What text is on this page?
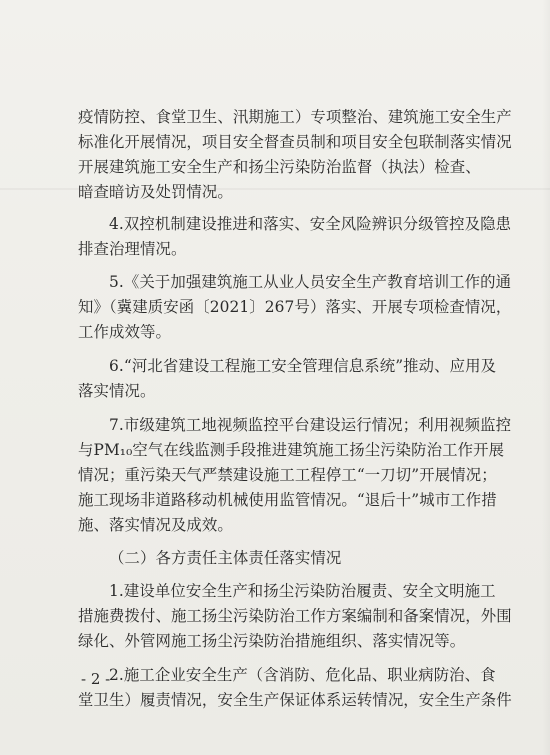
疫情防控、食堂卫生、汛期施工）专项整治、建筑施工安全生产
标准化开展情况，项目安全督查员制和项目安全包联制落实情况
开展建筑施工安全生产和扬尘污染防治监督（执法）检查、
暗查暗访及处罚情况。
4.双控机制建设推进和落实、安全风险辨识分级管控及隐患
排查治理情况。
5.《关于加强建筑施工从业人员安全生产教育培训工作的通
知》（冀建质安函〔2021〕267号）落实、开展专项检查情况，
工作成效等。
6.“河北省建设工程施工安全管理信息系统”推动、应用及
落实情况。
7.市级建筑工地视频监控平台建设运行情况；利用视频监控
与PM₁₀空气在线监测手段推进建筑施工扬尘污染防治工作开展
情况；重污染天气严禁建设施工工程停工“一刀切”开展情况；
施工现场非道路移动机械使用监管情况。“退后十”城市工作措
施、落实情况及成效。
（二）各方责任主体责任落实情况
1.建设单位安全生产和扬尘污染防治履责、安全文明施工
措施费拨付、施工扬尘污染防治工作方案编制和备案情况，外围
绿化、外管网施工扬尘污染防治措施组织、落实情况等。
2.施工企业安全生产（含消防、危化品、职业病防治、食
堂卫生）履责情况，安全生产保证体系运转情况，安全生产条件
- 2 -
